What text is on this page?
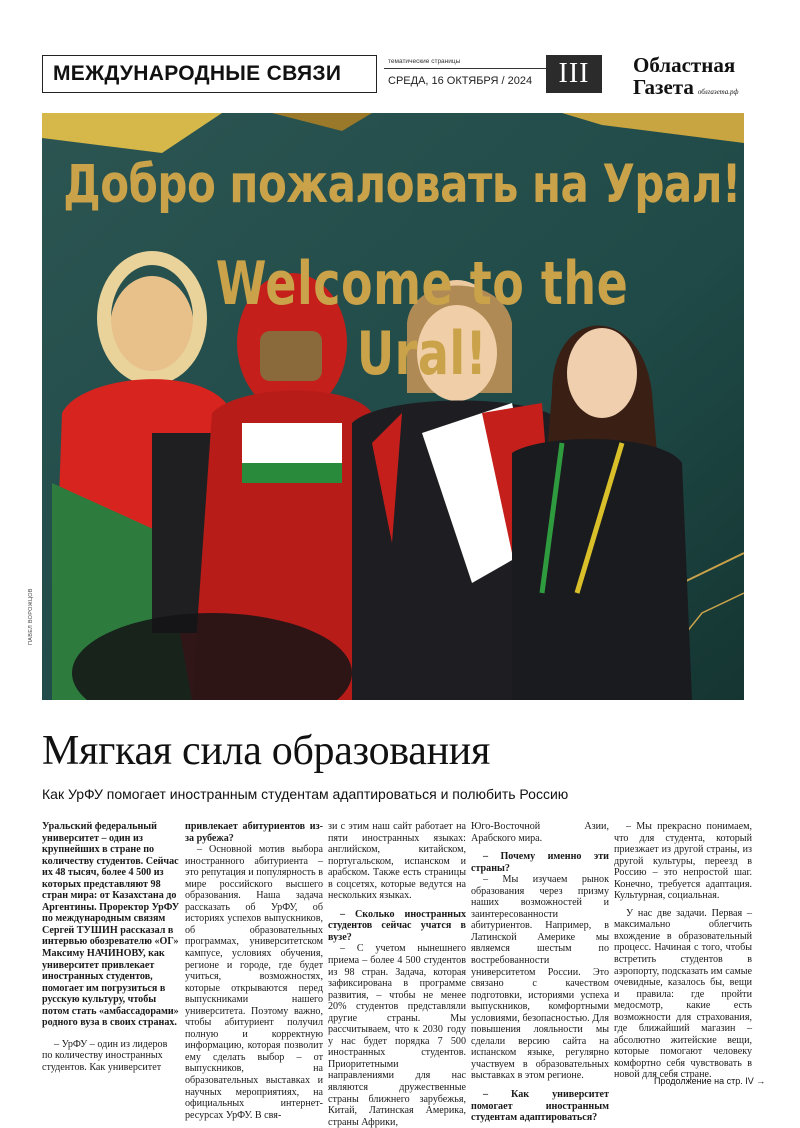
МЕЖДУНАРОДНЫЕ СВЯЗИ
тематические страницы
СРЕДА, 16 ОКТЯБРЯ / 2024 III	Областная
Газета облгазета.рф
ПАВЕЛ ВОРОЖЦОВ
Добро пожаловать на Урал!
Welcome to the Ural!
Мягкая сила образования
Как УрФУ помогает иностранным студентам адаптироваться и полюбить Россию

Уральский федеральный университет – один из крупнейших в стране по количеству студентов. Сейчас их 48 тысяч, более 4 500 из которых представляют 98 стран мира: от Казахстана до Аргентины. Проректор УрФУ по международным связям Сергей ТУШИН рассказал в интервью обозревателю «ОГ» Максиму НАЧИНОВУ, как университет привлекает иностранных студентов, помогает им погрузиться в русскую культуру, чтобы потом стать «амбассадорами» родного вуза в своих странах.

– УрФУ – один из лидеров по количеству иностранных студентов. Как университет

привлекает абитуриентов из-за рубежа?

– Основной мотив выбора иностранного абитуриента – это репутация и популярность в мире российского высшего образования. Наша задача рассказать об УрФУ, об историях успехов выпускников, об образовательных программах, университетском кампусе, условиях обучения, регионе и городе, где будет учиться, возможностях, которые открываются перед выпускниками нашего университета. Поэтому важно, чтобы абитуриент получил полную и корректную информацию, которая позволит ему сделать выбор – от выпускников, на образовательных выставках и научных мероприятиях, на официальных интернет-ресурсах УрФУ. В свя-

зи с этим наш сайт работает на пяти иностранных языках: английском, китайском, португальском, испанском и арабском. Также есть страницы в соцсетях, которые ведутся на нескольких языках.

– Сколько иностранных студентов сейчас учатся в вузе?

– С учетом нынешнего приема – более 4 500 студентов из 98 стран. Задача, которая зафиксирована в программе развития, – чтобы не менее 20% студентов представляли другие страны. Мы рассчитываем, что к 2030 году у нас будет порядка 7 500 иностранных студентов. Приоритетными направлениями для нас являются дружественные страны ближнего зарубежья, Китай, Латинская Америка, страны Африки,

Юго-Восточной Азии, Арабского мира.

– Почему именно эти страны?

– Мы изучаем рынок образования через призму наших возможностей и заинтересованности абитуриентов. Например, в Латинской Америке мы являемся шестым по востребованности университетом России. Это связано с качеством подготовки, историями успеха выпускников, комфортными условиями, безопасностью. Для повышения лояльности мы сделали версию сайта на испанском языке, регулярно участвуем в образовательных выставках в этом регионе.

– Как университет помогает иностранным студентам адаптироваться?

– Мы прекрасно понимаем, что для студента, который приезжает из другой страны, из другой культуры, переезд в Россию – это непростой шаг. Конечно, требуется адаптация. Культурная, социальная.

У нас две задачи. Первая – максимально облегчить вхождение в образовательный процесс. Начиная с того, чтобы встретить студентов в аэропорту, подсказать им самые очевидные, казалось бы, вещи и правила: где пройти медосмотр, какие есть возможности для страхования, где ближайший магазин – абсолютно житейские вещи, которые помогают человеку комфортно себя чувствовать в новой для себя стране.

Продолжение на стр. IV →
